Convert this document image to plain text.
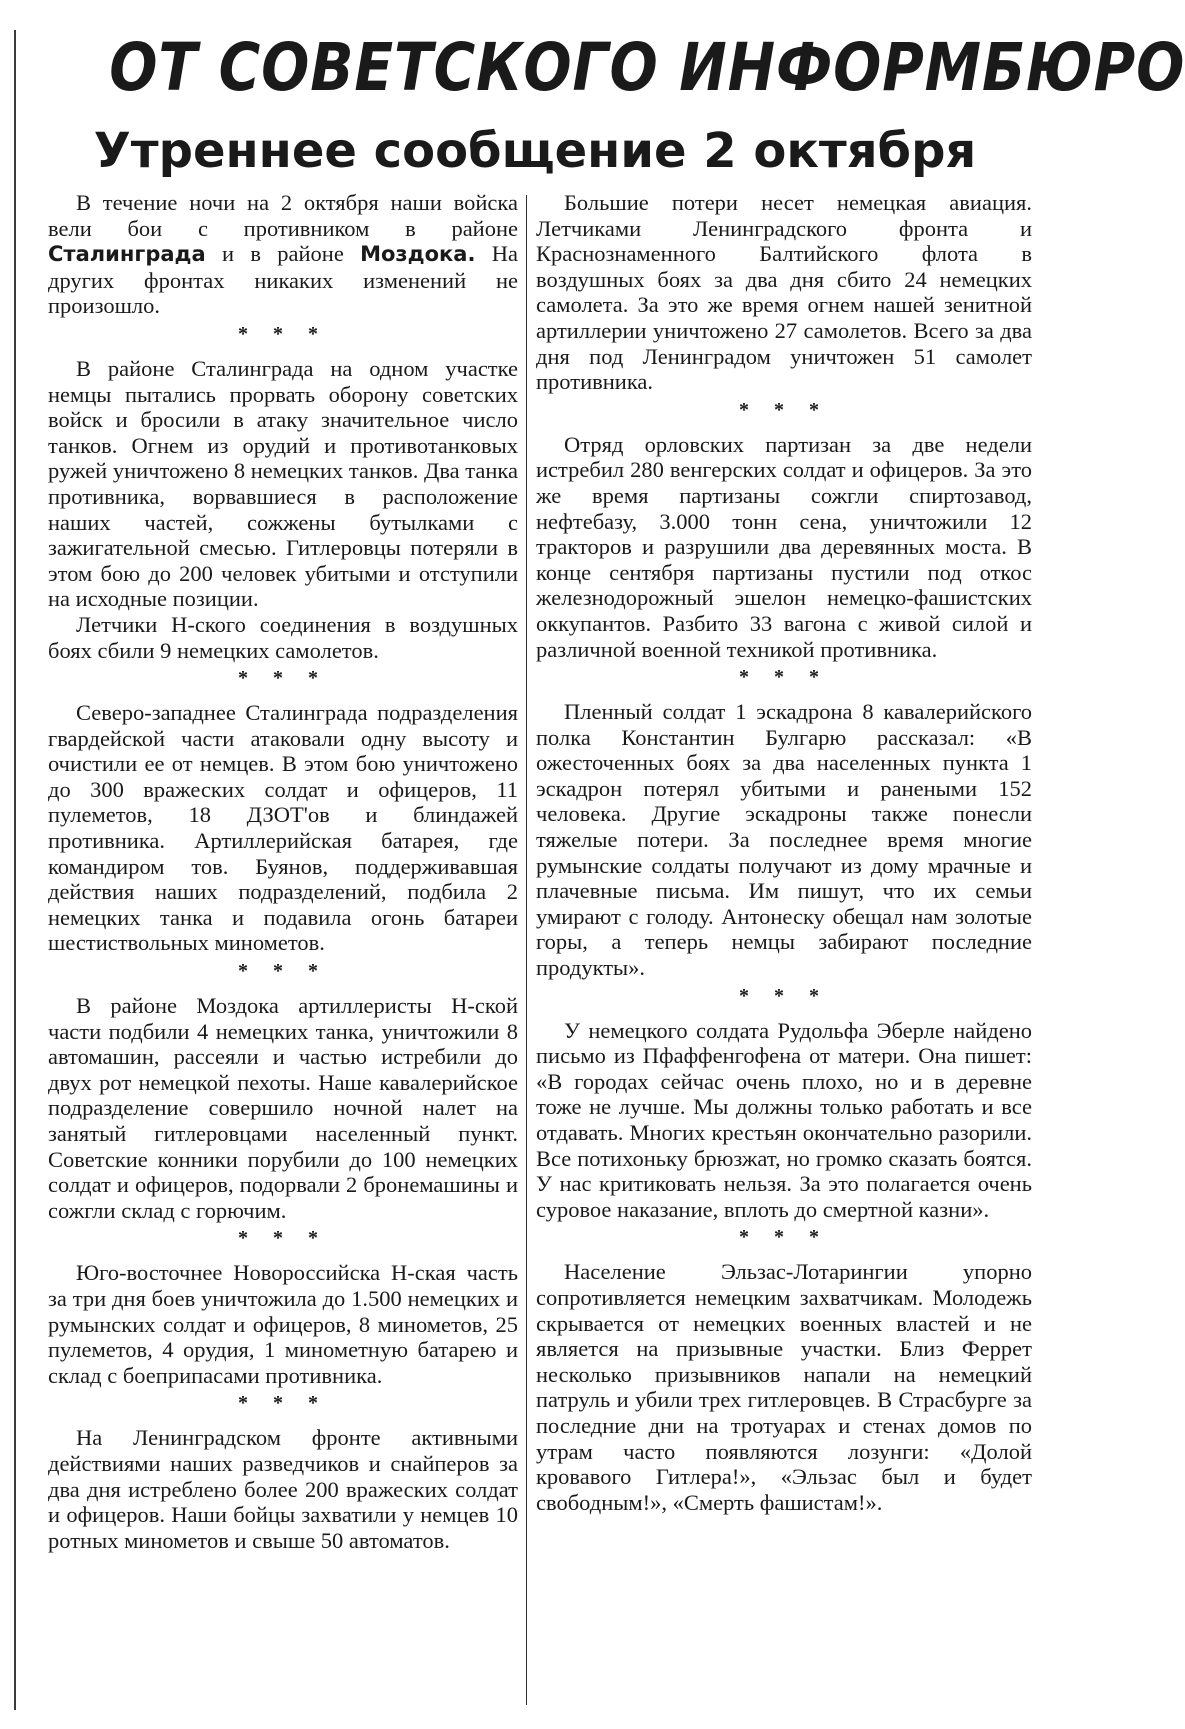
ОТ СОВЕТСКОГО ИНФОРМБЮРО
Утреннее сообщение 2 октября

В течение ночи на 2 октября наши войска вели бои с противником в районе Сталинграда и в районе Моздока. На других фронтах никаких изменений не произошло.

* * *

В районе Сталинграда на одном участке немцы пытались прорвать оборону советских войск и бросили в атаку значительное число танков. Огнем из орудий и противотанковых ружей уничтожено 8 немецких танков. Два танка противника, ворвавшиеся в расположение наших частей, сожжены бутылками с зажигательной смесью. Гитлеровцы потеряли в этом бою до 200 человек убитыми и отступили на исходные позиции.

Летчики Н-ского соединения в воздушных боях сбили 9 немецких самолетов.

* * *

Северо-западнее Сталинграда подразделения гвардейской части атаковали одну высоту и очистили ее от немцев. В этом бою уничтожено до 300 вражеских солдат и офицеров, 11 пулеметов, 18 ДЗОТ'ов и блиндажей противника. Артиллерийская батарея, где командиром тов. Буянов, поддерживавшая действия наших подразделений, подбила 2 немецких танка и подавила огонь батареи шестиствольных минометов.

* * *

В районе Моздока артиллеристы Н-ской части подбили 4 немецких танка, уничтожили 8 автомашин, рассеяли и частью истребили до двух рот немецкой пехоты. Наше кавалерийское подразделение совершило ночной налет на занятый гитлеровцами населенный пункт. Советские конники порубили до 100 немецких солдат и офицеров, подорвали 2 бронемашины и сожгли склад с горючим.

* * *

Юго-восточнее Новороссийска Н-ская часть за три дня боев уничтожила до 1.500 немецких и румынских солдат и офицеров, 8 минометов, 25 пулеметов, 4 орудия, 1 минометную батарею и склад с боеприпасами противника.

* * *

На Ленинградском фронте активными действиями наших разведчиков и снайперов за два дня истреблено более 200 вражеских солдат и офицеров. Наши бойцы захватили у немцев 10 ротных минометов и свыше 50 автоматов.

Большие потери несет немецкая авиация. Летчиками Ленинградского фронта и Краснознаменного Балтийского флота в воздушных боях за два дня сбито 24 немецких самолета. За это же время огнем нашей зенитной артиллерии уничтожено 27 самолетов. Всего за два дня под Ленинградом уничтожен 51 самолет противника.

* * *

Отряд орловских партизан за две недели истребил 280 венгерских солдат и офицеров. За это же время партизаны сожгли спиртозавод, нефтебазу, 3.000 тонн сена, уничтожили 12 тракторов и разрушили два деревянных моста. В конце сентября партизаны пустили под откос железнодорожный эшелон немецко-фашистских оккупантов. Разбито 33 вагона с живой силой и различной военной техникой противника.

* * *

Пленный солдат 1 эскадрона 8 кавалерийского полка Константин Булгарю рассказал: «В ожесточенных боях за два населенных пункта 1 эскадрон потерял убитыми и ранеными 152 человека. Другие эскадроны также понесли тяжелые потери. За последнее время многие румынские солдаты получают из дому мрачные и плачевные письма. Им пишут, что их семьи умирают с голоду. Антонеску обещал нам золотые горы, а теперь немцы забирают последние продукты».

* * *

У немецкого солдата Рудольфа Эберле найдено письмо из Пфаффенгофена от матери. Она пишет: «В городах сейчас очень плохо, но и в деревне тоже не лучше. Мы должны только работать и все отдавать. Многих крестьян окончательно разорили. Все потихоньку брюзжат, но громко сказать боятся. У нас критиковать нельзя. За это полагается очень суровое наказание, вплоть до смертной казни».

* * *

Население Эльзас-Лотарингии упорно сопротивляется немецким захватчикам. Молодежь скрывается от немецких военных властей и не является на призывные участки. Близ Феррет несколько призывников напали на немецкий патруль и убили трех гитлеровцев. В Страсбурге за последние дни на тротуарах и стенах домов по утрам часто появляются лозунги: «Долой кровавого Гитлера!», «Эльзас был и будет свободным!», «Смерть фашистам!».
